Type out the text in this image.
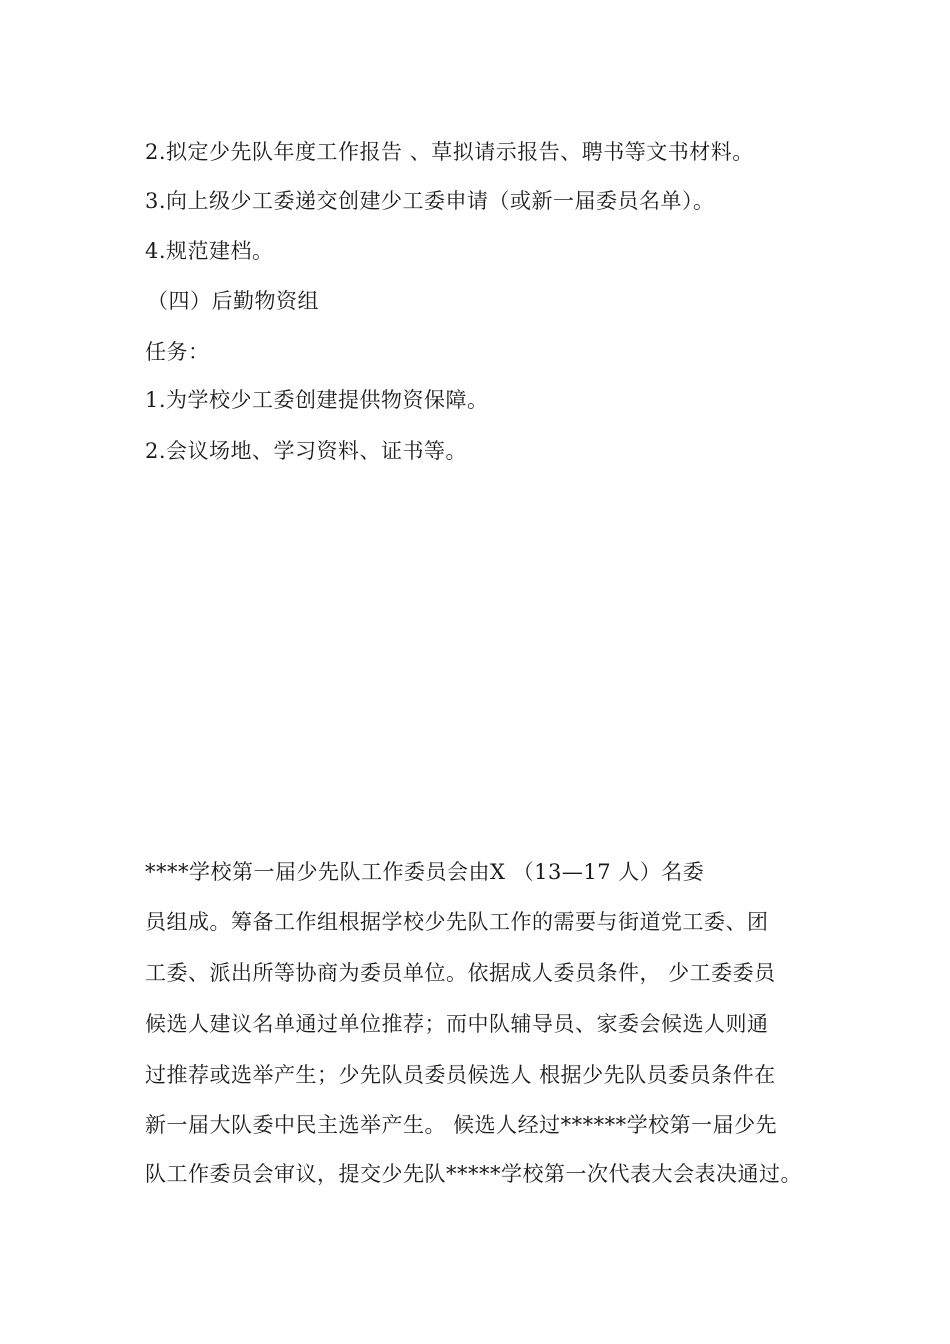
2.拟定少先队年度工作报告 、草拟请示报告、聘书等文书材料。
3.向上级少工委递交创建少工委申请（或新一届委员名单）。
4.规范建档。
（四）后勤物资组
任务：
1.为学校少工委创建提供物资保障。
2.会议场地、学习资料、证书等。
****学校第一届少先队工作委员会由X （13—17 人）名委
员组成。筹备工作组根据学校少先队工作的需要与街道党工委、团
工委、派出所等协商为委员单位。依据成人委员条件， 少工委委员
候选人建议名单通过单位推荐；而中队辅导员、家委会候选人则通
过推荐或选举产生；少先队员委员候选人 根据少先队员委员条件在
新一届大队委中民主选举产生。 候选人经过******学校第一届少先
队工作委员会审议，提交少先队*****学校第一次代表大会表决通过。
